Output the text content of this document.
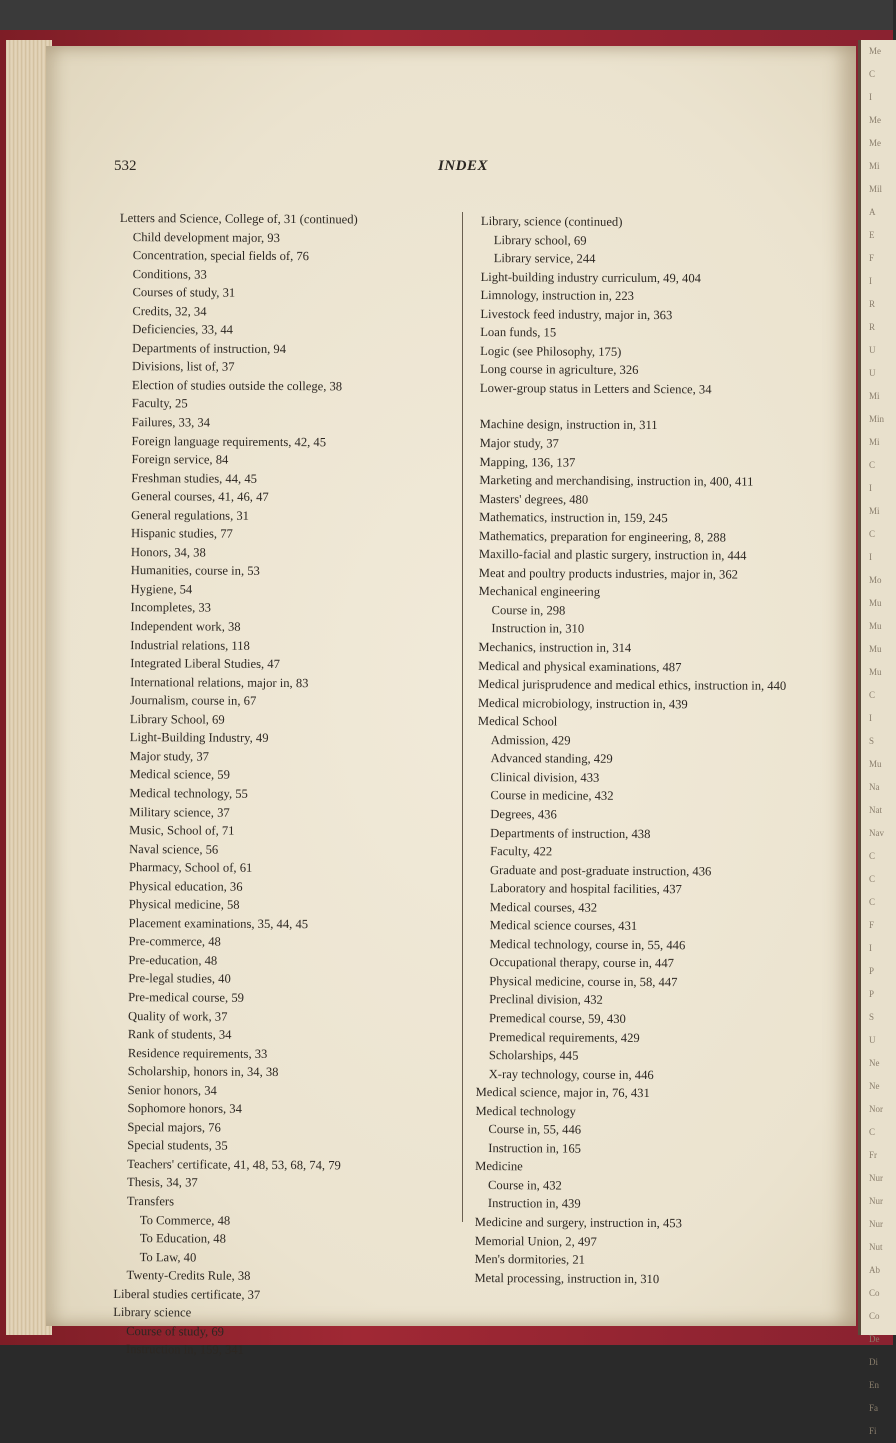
Me
C
I
Me
Me
Mi
Mil
A
E
F
I
R
R
U
U
Mi
Min
Mi
C
I
Mi
C
I
Mo
Mu
Mu
Mu
Mu
C
I
S
Mu
Na
Nat
Nav
C
C
C
F
I
P
P
S
U
Ne
Ne
Nor
C
Fr
Nur
Nur
Nur
Nut
Ab
Co
Co
De
Di
En
Fa
Fi
532	INDEX
Letters and Science, College of, 31 (continued)
Child development major, 93
Concentration, special fields of, 76
Conditions, 33
Courses of study, 31
Credits, 32, 34
Deficiencies, 33, 44
Departments of instruction, 94
Divisions, list of, 37
Election of studies outside the college, 38
Faculty, 25
Failures, 33, 34
Foreign language requirements, 42, 45
Foreign service, 84
Freshman studies, 44, 45
General courses, 41, 46, 47
General regulations, 31
Hispanic studies, 77
Honors, 34, 38
Humanities, course in, 53
Hygiene, 54
Incompletes, 33
Independent work, 38
Industrial relations, 118
Integrated Liberal Studies, 47
International relations, major in, 83
Journalism, course in, 67
Library School, 69
Light-Building Industry, 49
Major study, 37
Medical science, 59
Medical technology, 55
Military science, 37
Music, School of, 71
Naval science, 56
Pharmacy, School of, 61
Physical education, 36
Physical medicine, 58
Placement examinations, 35, 44, 45
Pre-commerce, 48
Pre-education, 48
Pre-legal studies, 40
Pre-medical course, 59
Quality of work, 37
Rank of students, 34
Residence requirements, 33
Scholarship, honors in, 34, 38
Senior honors, 34
Sophomore honors, 34
Special majors, 76
Special students, 35
Teachers' certificate, 41, 48, 53, 68, 74, 79
Thesis, 34, 37
Transfers
To Commerce, 48
To Education, 48
To Law, 40
Twenty-Credits Rule, 38
Liberal studies certificate, 37
Library science
Course of study, 69
Instruction in, 159, 341
Library, science (continued)
Library school, 69
Library service, 244
Light-building industry curriculum, 49, 404
Limnology, instruction in, 223
Livestock feed industry, major in, 363
Loan funds, 15
Logic (see Philosophy, 175)
Long course in agriculture, 326
Lower-group status in Letters and Science, 34
Machine design, instruction in, 311
Major study, 37
Mapping, 136, 137
Marketing and merchandising, instruction in, 400, 411
Masters' degrees, 480
Mathematics, instruction in, 159, 245
Mathematics, preparation for engineering, 8, 288
Maxillo-facial and plastic surgery, instruction in, 444
Meat and poultry products industries, major in, 362
Mechanical engineering
Course in, 298
Instruction in, 310
Mechanics, instruction in, 314
Medical and physical examinations, 487
Medical jurisprudence and medical ethics, instruction in, 440
Medical microbiology, instruction in, 439
Medical School
Admission, 429
Advanced standing, 429
Clinical division, 433
Course in medicine, 432
Degrees, 436
Departments of instruction, 438
Faculty, 422
Graduate and post-graduate instruction, 436
Laboratory and hospital facilities, 437
Medical courses, 432
Medical science courses, 431
Medical technology, course in, 55, 446
Occupational therapy, course in, 447
Physical medicine, course in, 58, 447
Preclinal division, 432
Premedical course, 59, 430
Premedical requirements, 429
Scholarships, 445
X-ray technology, course in, 446
Medical science, major in, 76, 431
Medical technology
Course in, 55, 446
Instruction in, 165
Medicine
Course in, 432
Instruction in, 439
Medicine and surgery, instruction in, 453
Memorial Union, 2, 497
Men's dormitories, 21
Metal processing, instruction in, 310
